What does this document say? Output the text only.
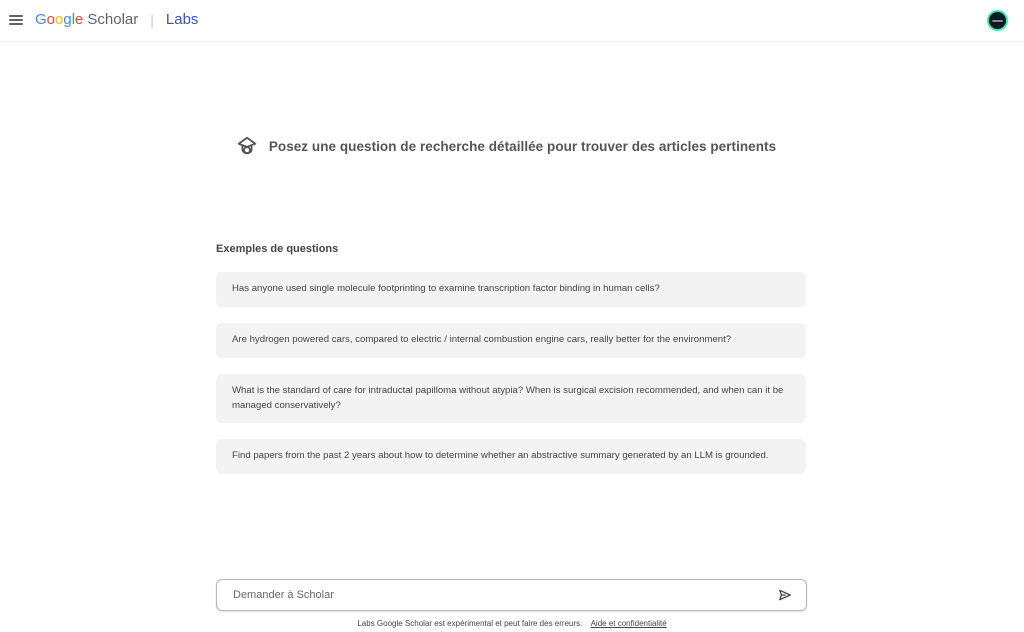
Google Scholar | Labs
Posez une question de recherche détaillée pour trouver des articles pertinents
Exemples de questions
Has anyone used single molecule footprinting to examine transcription factor binding in human cells?
Are hydrogen powered cars, compared to electric / internal combustion engine cars, really better for the environment?
What is the standard of care for intraductal papilloma without atypia? When is surgical excision recommended, and when can it be managed conservatively?
Find papers from the past 2 years about how to determine whether an abstractive summary generated by an LLM is grounded.
Demander à Scholar
Labs Google Scholar est expérimental et peut faire des erreurs. Aide et confidentialité
